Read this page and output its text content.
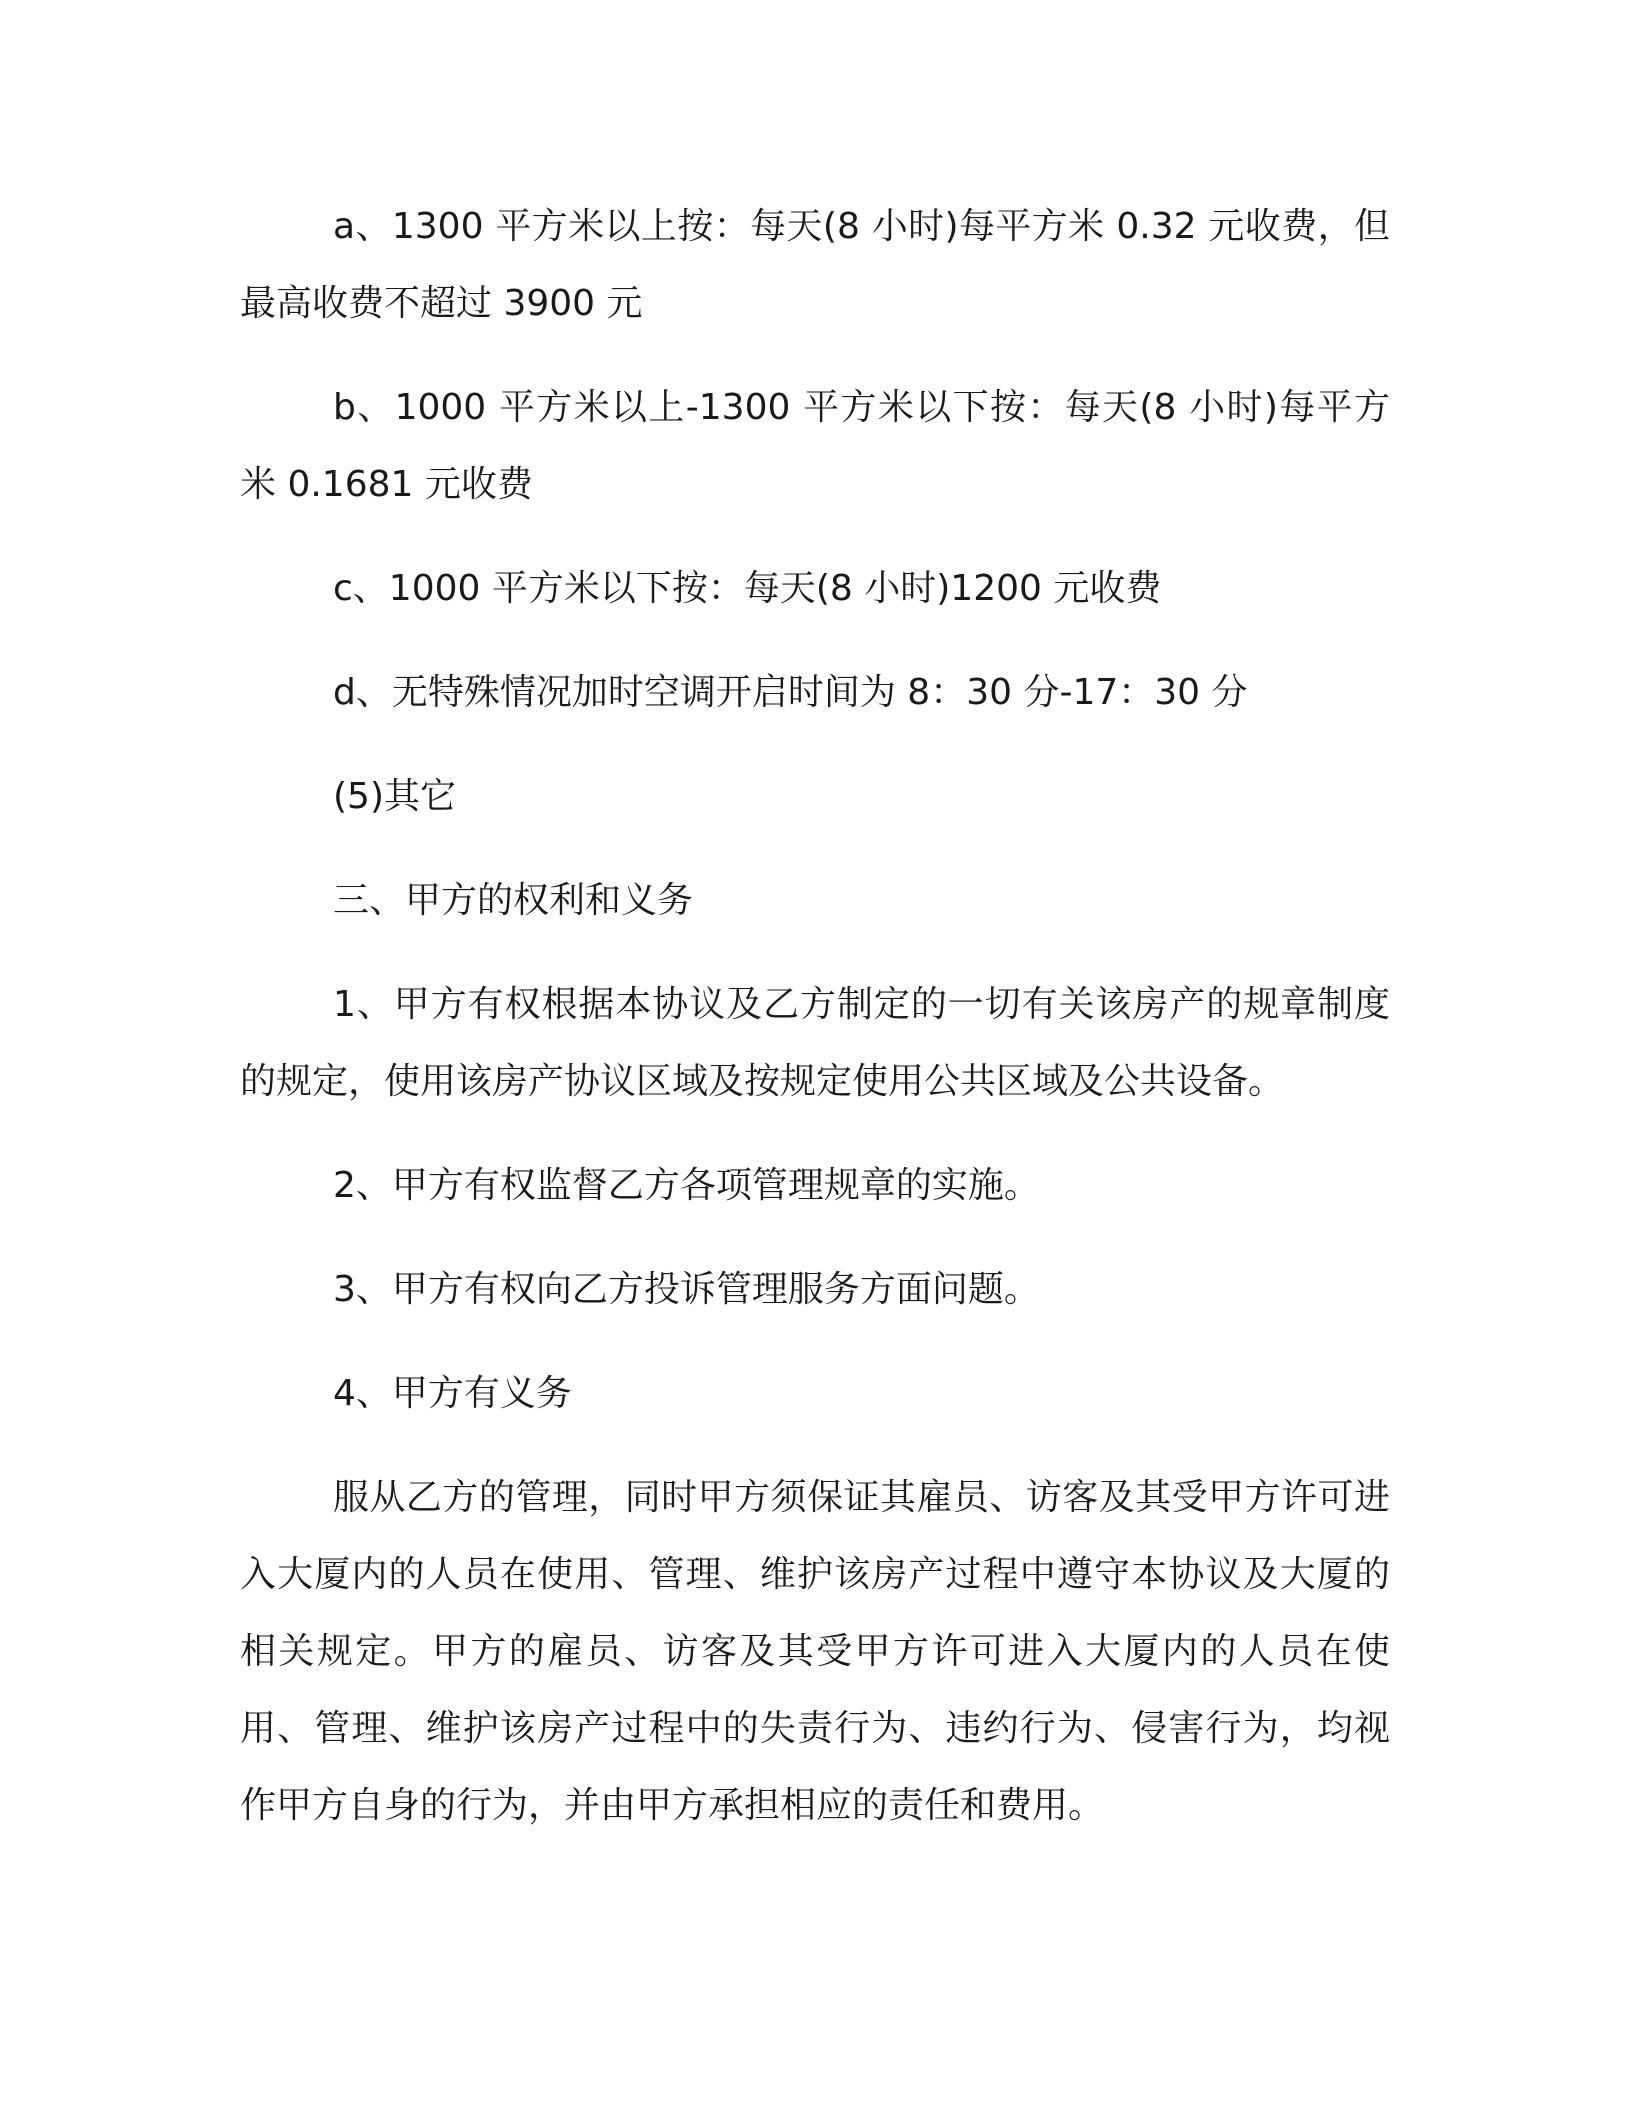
a、1300 平方米以上按：每天(8 小时)每平方米 0.32 元收费，但最高收费不超过 3900 元

b、1000 平方米以上-1300 平方米以下按：每天(8 小时)每平方米 0.1681 元收费

c、1000 平方米以下按：每天(8 小时)1200 元收费

d、无特殊情况加时空调开启时间为 8：30 分-17：30 分

(5)其它

三、甲方的权利和义务

1、甲方有权根据本协议及乙方制定的一切有关该房产的规章制度的规定，使用该房产协议区域及按规定使用公共区域及公共设备。

2、甲方有权监督乙方各项管理规章的实施。

3、甲方有权向乙方投诉管理服务方面问题。

4、甲方有义务

服从乙方的管理，同时甲方须保证其雇员、访客及其受甲方许可进入大厦内的人员在使用、管理、维护该房产过程中遵守本协议及大厦的相关规定。甲方的雇员、访客及其受甲方许可进入大厦内的人员在使用、管理、维护该房产过程中的失责行为、违约行为、侵害行为，均视作甲方自身的行为，并由甲方承担相应的责任和费用。
